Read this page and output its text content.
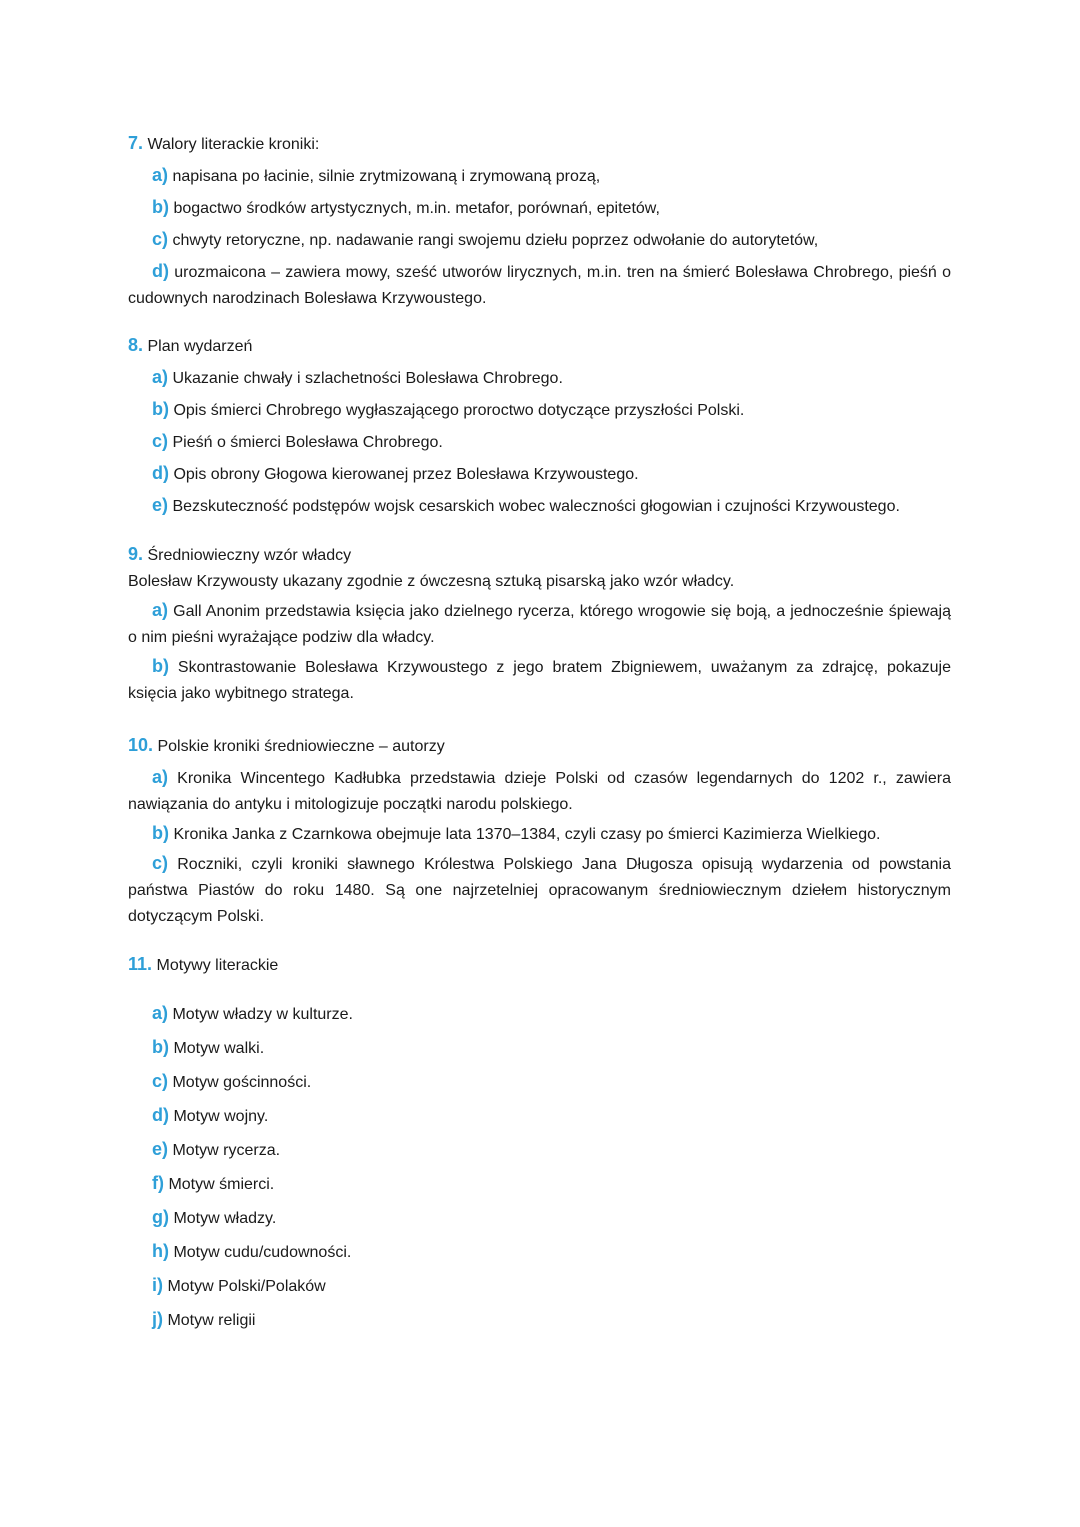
7. Walory literackie kroniki:

a) napisana po łacinie, silnie zrytmizowaną i zrymowaną prozą,

b) bogactwo środków artystycznych, m.in. metafor, porównań, epitetów,

c) chwyty retoryczne, np. nadawanie rangi swojemu dziełu poprzez odwołanie do autorytetów,

d) urozmaicona – zawiera mowy, sześć utworów lirycznych, m.in. tren na śmierć Bolesława Chrobrego, pieśń o cudownych narodzinach Bolesława Krzywoustego.

8. Plan wydarzeń

a) Ukazanie chwały i szlachetności Bolesława Chrobrego.

b) Opis śmierci Chrobrego wygłaszającego proroctwo dotyczące przyszłości Polski.

c) Pieśń o śmierci Bolesława Chrobrego.

d) Opis obrony Głogowa kierowanej przez Bolesława Krzywoustego.

e) Bezskuteczność podstępów wojsk cesarskich wobec waleczności głogowian i czujności Krzywoustego.

9. Średniowieczny wzór władcy

Bolesław Krzywousty ukazany zgodnie z ówczesną sztuką pisarską jako wzór władcy.

a) Gall Anonim przedstawia księcia jako dzielnego rycerza, którego wrogowie się boją, a jednocześnie śpiewają o nim pieśni wyrażające podziw dla władcy.

b) Skontrastowanie Bolesława Krzywoustego z jego bratem Zbigniewem, uważanym za zdrajcę, pokazuje księcia jako wybitnego stratega.

10. Polskie kroniki średniowieczne – autorzy

a) Kronika Wincentego Kadłubka przedstawia dzieje Polski od czasów legendarnych do 1202 r., zawiera nawiązania do antyku i mitologizuje początki narodu polskiego.

b) Kronika Janka z Czarnkowa obejmuje lata 1370–1384, czyli czasy po śmierci Kazimierza Wielkiego.

c) Roczniki, czyli kroniki sławnego Królestwa Polskiego Jana Długosza opisują wydarzenia od powstania państwa Piastów do roku 1480. Są one najrzetelniej opracowanym średniowiecznym dziełem historycznym dotyczącym Polski.

11. Motywy literackie

a) Motyw władzy w kulturze.

b) Motyw walki.

c) Motyw gościnności.

d) Motyw wojny.

e) Motyw rycerza.

f) Motyw śmierci.

g) Motyw władzy.

h) Motyw cudu/cudowności.

i) Motyw Polski/Polaków

j) Motyw religii
